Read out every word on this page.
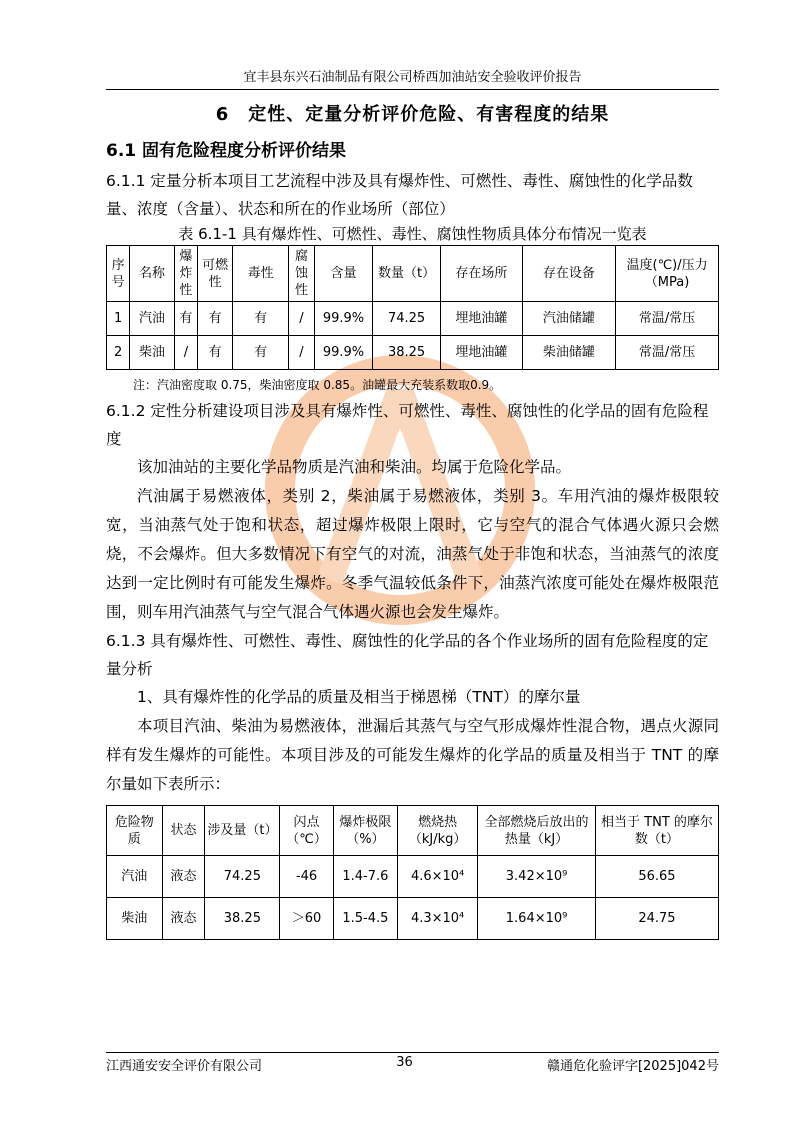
宜丰县东兴石油制品有限公司桥西加油站安全验收评价报告
6　定性、定量分析评价危险、有害程度的结果
6.1 固有危险程度分析评价结果
6.1.1 定量分析本项目工艺流程中涉及具有爆炸性、可燃性、毒性、腐蚀性的化学品数量、浓度（含量）、状态和所在的作业场所（部位）
表 6.1-1 具有爆炸性、可燃性、毒性、腐蚀性物质具体分布情况一览表
序号	名称	爆炸性	可燃性	毒性	腐蚀性	含量	数量（t）	存在场所	存在设备	温度(℃)/压力（MPa)
1	汽油	有	有	有	/	99.9%	74.25	埋地油罐	汽油储罐	常温/常压
2	柴油	/	有	有	/	99.9%	38.25	埋地油罐	柴油储罐	常温/常压
注：汽油密度取 0.75，柴油密度取 0.85。油罐最大充装系数取0.9。
6.1.2 定性分析建设项目涉及具有爆炸性、可燃性、毒性、腐蚀性的化学品的固有危险程度

该加油站的主要化学品物质是汽油和柴油。均属于危险化学品。

汽油属于易燃液体，类别 2，柴油属于易燃液体，类别 3。车用汽油的爆炸极限较宽，当油蒸气处于饱和状态，超过爆炸极限上限时，它与空气的混合气体遇火源只会燃烧，不会爆炸。但大多数情况下有空气的对流，油蒸气处于非饱和状态，当油蒸气的浓度达到一定比例时有可能发生爆炸。冬季气温较低条件下，油蒸汽浓度可能处在爆炸极限范围，则车用汽油蒸气与空气混合气体遇火源也会发生爆炸。

6.1.3 具有爆炸性、可燃性、毒性、腐蚀性的化学品的各个作业场所的固有危险程度的定量分析

1、具有爆炸性的化学品的质量及相当于梯恩梯（TNT）的摩尔量

本项目汽油、柴油为易燃液体，泄漏后其蒸气与空气形成爆炸性混合物，遇点火源同样有发生爆炸的可能性。本项目涉及的可能发生爆炸的化学品的质量及相当于 TNT 的摩尔量如下表所示：

危险物质	状态	涉及量（t）	闪点（℃）	爆炸极限（%）	燃烧热（kJ/kg）	全部燃烧后放出的热量（kJ）	相当于 TNT 的摩尔数（t）
汽油	液态	74.25	-46	1.4-7.6	4.6×10⁴	3.42×10⁹	56.65
柴油	液态	38.25	＞60	1.5-4.5	4.3×10⁴	1.64×10⁹	24.75
江西通安安全评价有限公司	36	赣通危化验评字[2025]042号
